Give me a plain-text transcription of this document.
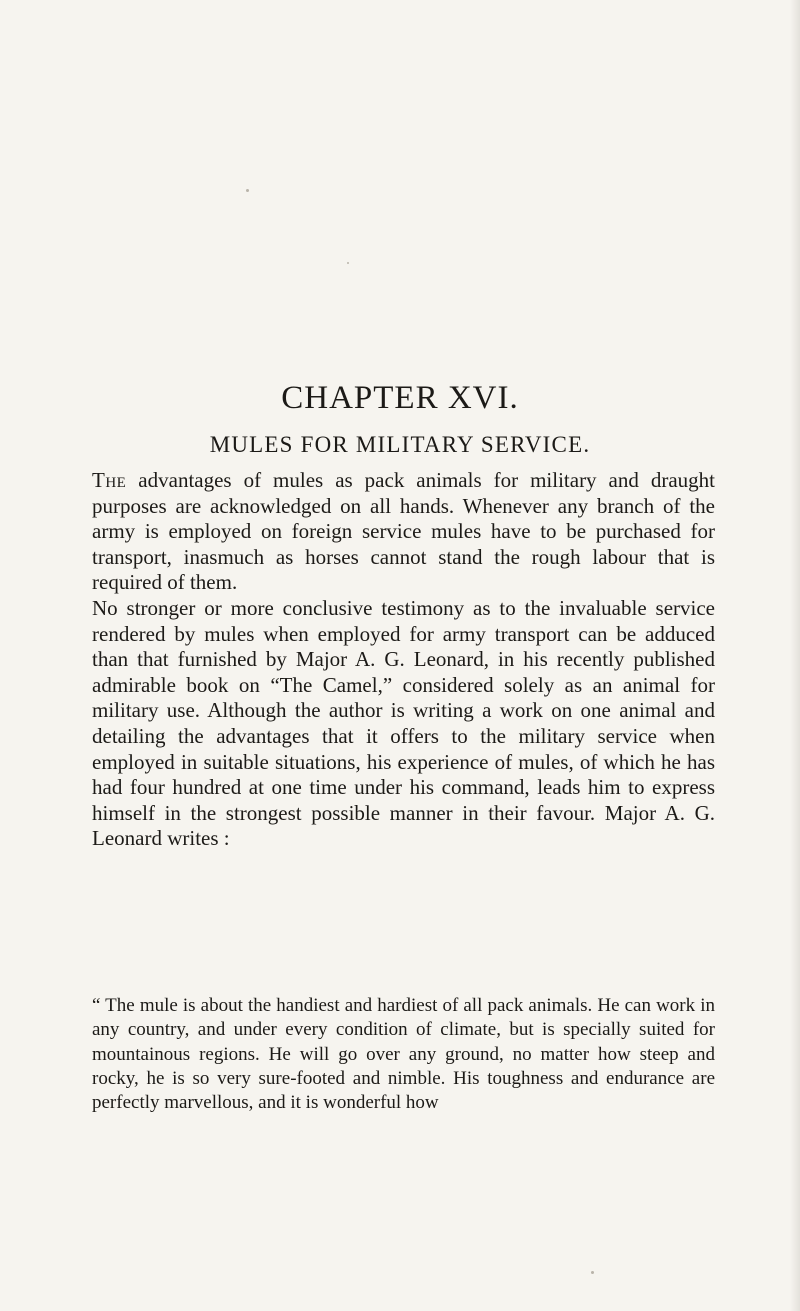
CHAPTER XVI.
MULES FOR MILITARY SERVICE.

The advantages of mules as pack animals for military and draught purposes are acknowledged on all hands. Whenever any branch of the army is employed on foreign service mules have to be purchased for transport, inasmuch as horses cannot stand the rough labour that is required of them.

No stronger or more conclusive testimony as to the invaluable service rendered by mules when employed for army transport can be adduced than that furnished by Major A. G. Leonard, in his recently published admirable book on “The Camel,” considered solely as an animal for military use. Although the author is writing a work on one animal and detailing the advantages that it offers to the military service when employed in suitable situations, his experience of mules, of which he has had four hundred at one time under his command, leads him to express himself in the strongest possible manner in their favour. Major A. G. Leonard writes :

“ The mule is about the handiest and hardiest of all pack animals. He can work in any country, and under every condition of climate, but is specially suited for mountainous regions. He will go over any ground, no matter how steep and rocky, he is so very sure-footed and nimble. His toughness and endurance are perfectly marvellous, and it is wonderful how
